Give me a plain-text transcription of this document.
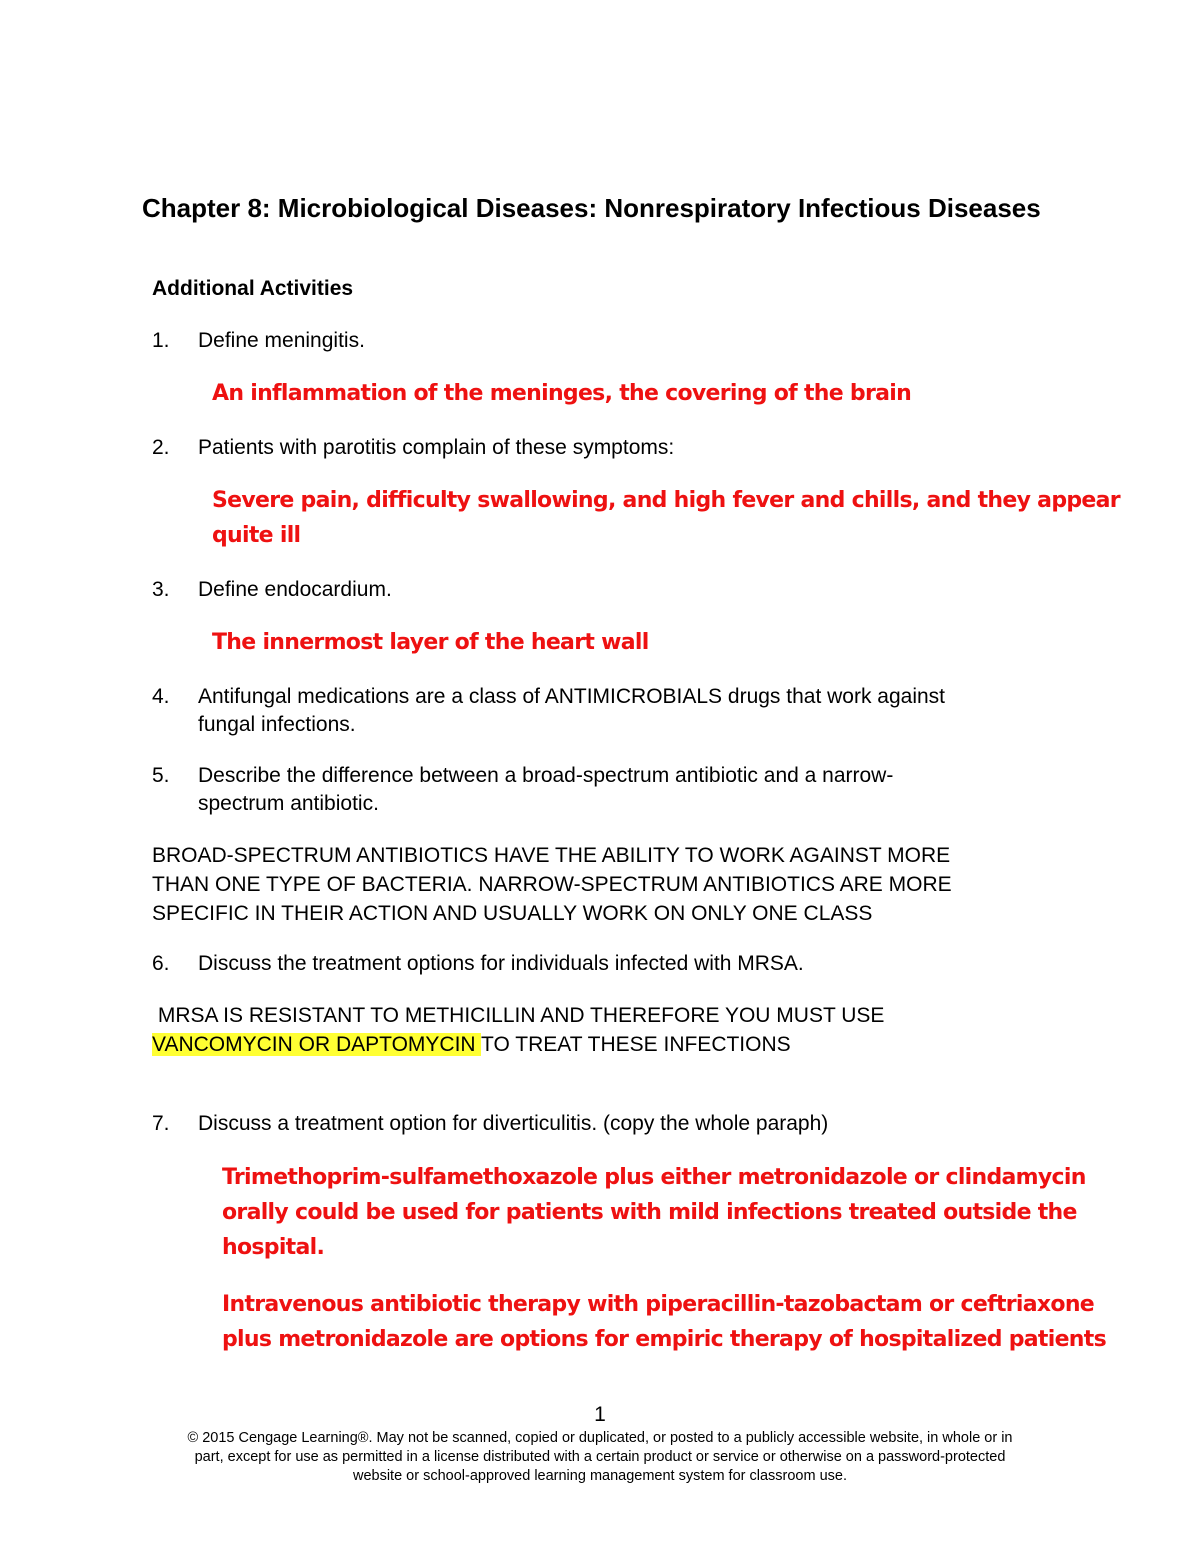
Chapter 8: Microbiological Diseases: Nonrespiratory Infectious Diseases
Additional Activities
1. Define meningitis.

An inflammation of the meninges, the covering of the brain

2. Patients with parotitis complain of these symptoms:

Severe pain, difficulty swallowing, and high fever and chills, and they appear

quite ill

3. Define endocardium.

The innermost layer of the heart wall

4. Antifungal medications are a class of ANTIMICROBIALS drugs that work against
fungal infections.
5. Describe the difference between a broad-spectrum antibiotic and a narrow-
spectrum antibiotic.

BROAD-SPECTRUM ANTIBIOTICS HAVE THE ABILITY TO WORK AGAINST MORE

THAN ONE TYPE OF BACTERIA. NARROW-SPECTRUM ANTIBIOTICS ARE MORE

SPECIFIC IN THEIR ACTION AND USUALLY WORK ON ONLY ONE CLASS

6. Discuss the treatment options for individuals infected with MRSA.

MRSA IS RESISTANT TO METHICILLIN AND THEREFORE YOU MUST USE

VANCOMYCIN OR DAPTOMYCIN TO TREAT THESE INFECTIONS

7. Discuss a treatment option for diverticulitis. (copy the whole paraph)

Trimethoprim-sulfamethoxazole plus either metronidazole or clindamycin

orally could be used for patients with mild infections treated outside the

hospital.

Intravenous antibiotic therapy with piperacillin-tazobactam or ceftriaxone

plus metronidazole are options for empiric therapy of hospitalized patients

1
© 2015 Cengage Learning®. May not be scanned, copied or duplicated, or posted to a publicly accessible website, in whole or in
part, except for use as permitted in a license distributed with a certain product or service or otherwise on a password-protected
website or school-approved learning management system for classroom use.
